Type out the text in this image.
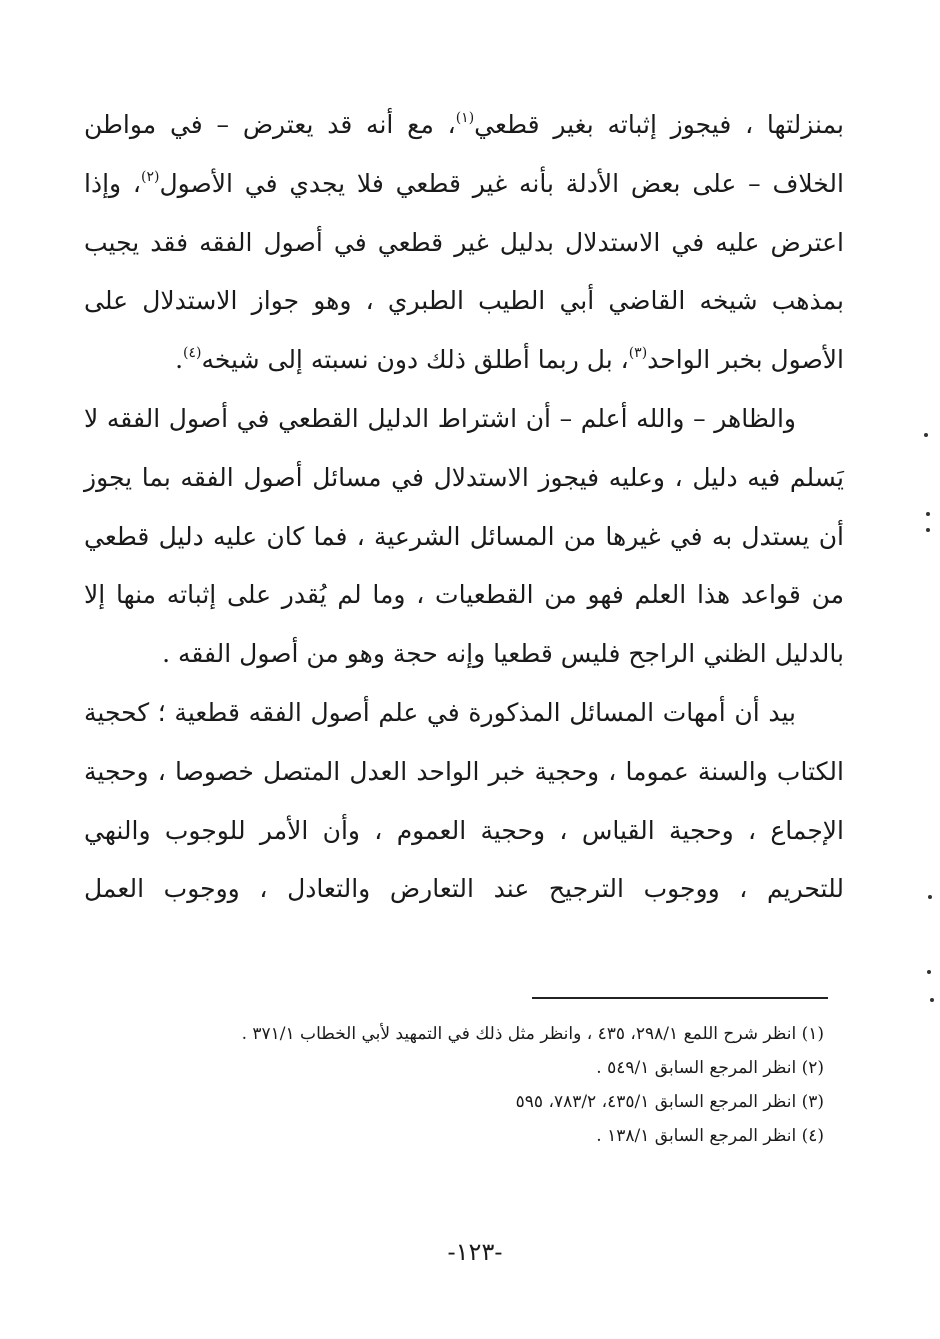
بمنزلتها ، فيجوز إثباته بغير قطعي$^{(١)}$، مع أنه قد يعترض – في مواطن الخلاف – على بعض الأدلة بأنه غير قطعي فلا يجدي في الأصول$^{(٢)}$، وإذا اعترض عليه في الاستدلال بدليل غير قطعي في أصول الفقه فقد يجيب بمذهب شيخه القاضي أبي الطيب الطبري ، وهو جواز الاستدلال على الأصول بخبر الواحد$^{(٣)}$، بل ربما أطلق ذلك دون نسبته إلى شيخه$^{(٤)}$.

والظاهر – والله أعلم – أن اشتراط الدليل القطعي في أصول الفقه لا يَسلم فيه دليل ، وعليه فيجوز الاستدلال في مسائل أصول الفقه بما يجوز أن يستدل به في غيرها من المسائل الشرعية ، فما كان عليه دليل قطعي من قواعد هذا العلم فهو من القطعيات ، وما لم يُقدر على إثباته منها إلا بالدليل الظني الراجح فليس قطعيا وإنه حجة وهو من أصول الفقه .

بيد أن أمهات المسائل المذكورة في علم أصول الفقه قطعية ؛ كحجية الكتاب والسنة عموما ، وحجية خبر الواحد العدل المتصل خصوصا ، وحجية الإجماع ، وحجية القياس ، وحجية العموم ، وأن الأمر للوجوب والنهي للتحريم ، ووجوب الترجيح عند التعارض والتعادل ، ووجوب العمل

(١) انظر شرح اللمع ٢٩٨/١، ٤٣٥ ، وانظر مثل ذلك في التمهيد لأبي الخطاب ٣٧١/١ .

(٢) انظر المرجع السابق ٥٤٩/١ .

(٣) انظر المرجع السابق ٤٣٥/١، ٧٨٣/٢، ٥٩٥

(٤) انظر المرجع السابق ١٣٨/١ .

-١٢٣-
